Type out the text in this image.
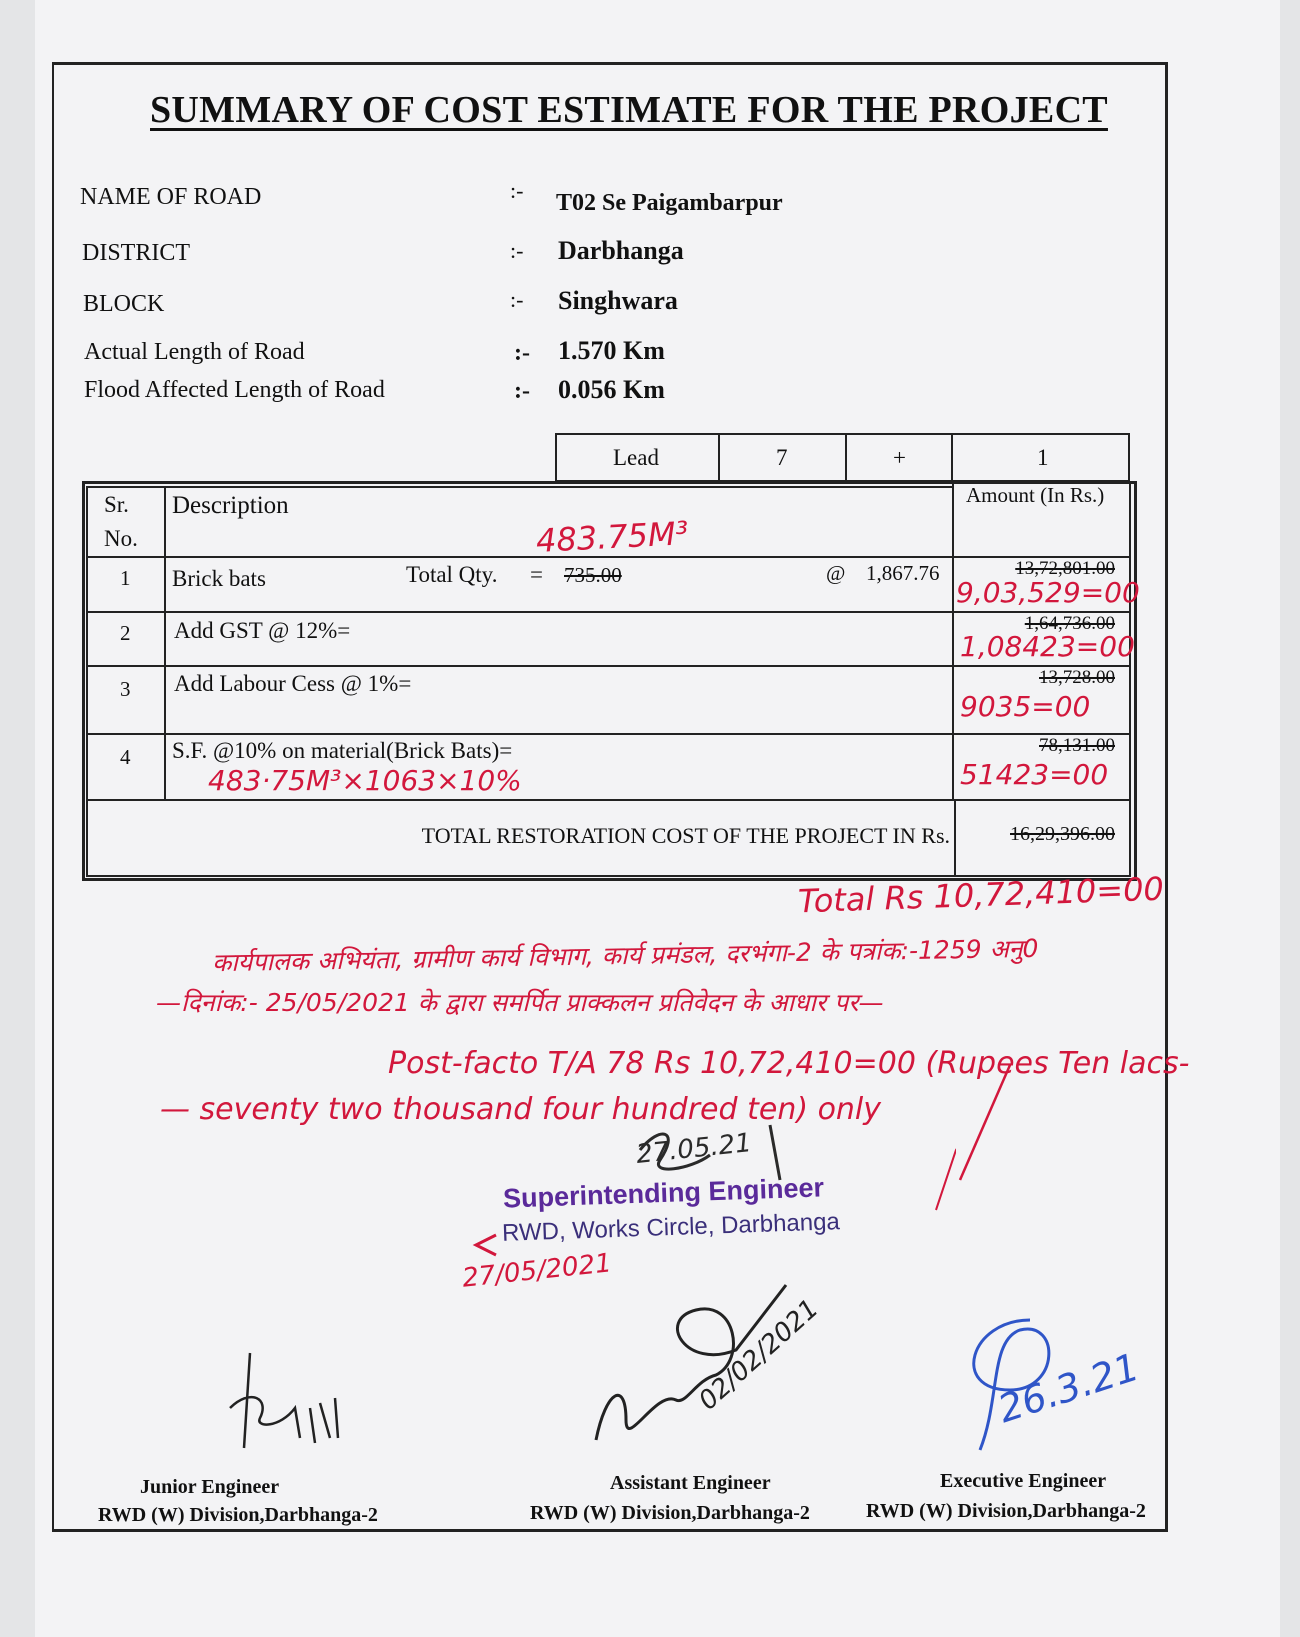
SUMMARY OF COST ESTIMATE FOR THE PROJECT
NAME OF ROAD	:- T02 Se Paigambarpur
DISTRICT	:- Darbhanga
BLOCK	:- Singhwara
Actual Length of Road	:- 1.570 Km
Flood Affected Length of Road	:- 0.056 Km
Lead	7	+	1
Sr.
No.
Description	Amount (In Rs.)
1 Brick bats	Total Qty. = 735.00	@ 1,867.76	13,72,801.00
2 Add GST @ 12%=	1,64,736.00
3 Add Labour Cess @ 1%=	13,728.00
4 S.F. @10% on material(Brick Bats)=	78,131.00
TOTAL RESTORATION COST OF THE PROJECT IN Rs.	16,29,396.00
483.75M³
9,03,529=00
1,08423=00
9035=00
51423=00
483·75M³×1063×10%
Total Rs 10,72,410=00
कार्यपालक अभियंता, ग्रामीण कार्य विभाग, कार्य प्रमंडल, दरभंगा-2 के पत्रांक:-1259 अनु0
—दिनांक:- 25/05/2021 के द्वारा समर्पित प्राक्कलन प्रतिवेदन के आधार पर—
Post-facto T/A 78 Rs 10,72,410=00 (Rupees Ten lacs-
— seventy two thousand four hundred ten) only
27.05.21
Superintending Engineer
RWD, Works Circle, Darbhanga
27/05/2021
02/02/2021	26.3.21
Junior Engineer
RWD (W) Division,Darbhanga-2
Assistant Engineer
RWD (W) Division,Darbhanga-2
Executive Engineer
RWD (W) Division,Darbhanga-2
